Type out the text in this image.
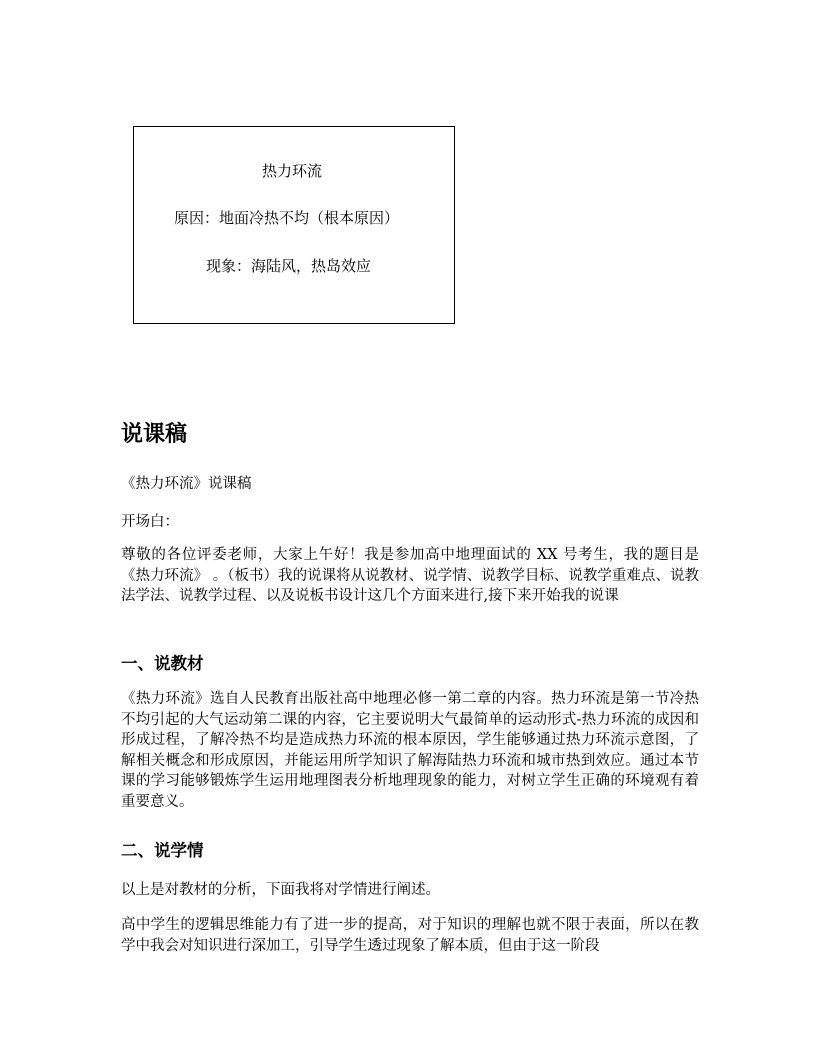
热力环流
原因：地面冷热不均（根本原因）
现象：海陆风，热岛效应
说课稿

《热力环流》说课稿

开场白：

尊敬的各位评委老师，大家上午好！我是参加高中地理面试的 XX 号考生，我的题目是《热力环流》 。（板书）我的说课将从说教材、说学情、说教学目标、说教学重难点、说教法学法、说教学过程、以及说板书设计这几个方面来进行,接下来开始我的说课

一、说教材

《热力环流》选自人民教育出版社高中地理必修一第二章的内容。热力环流是第一节冷热不均引起的大气运动第二课的内容，它主要说明大气最简单的运动形式-热力环流的成因和形成过程，了解冷热不均是造成热力环流的根本原因，学生能够通过热力环流示意图，了解相关概念和形成原因，并能运用所学知识了解海陆热力环流和城市热到效应。通过本节课的学习能够锻炼学生运用地理图表分析地理现象的能力，对树立学生正确的环境观有着重要意义。

二、说学情

以上是对教材的分析，下面我将对学情进行阐述。

高中学生的逻辑思维能力有了进一步的提高，对于知识的理解也就不限于表面，所以在教学中我会对知识进行深加工，引导学生透过现象了解本质，但由于这一阶段
